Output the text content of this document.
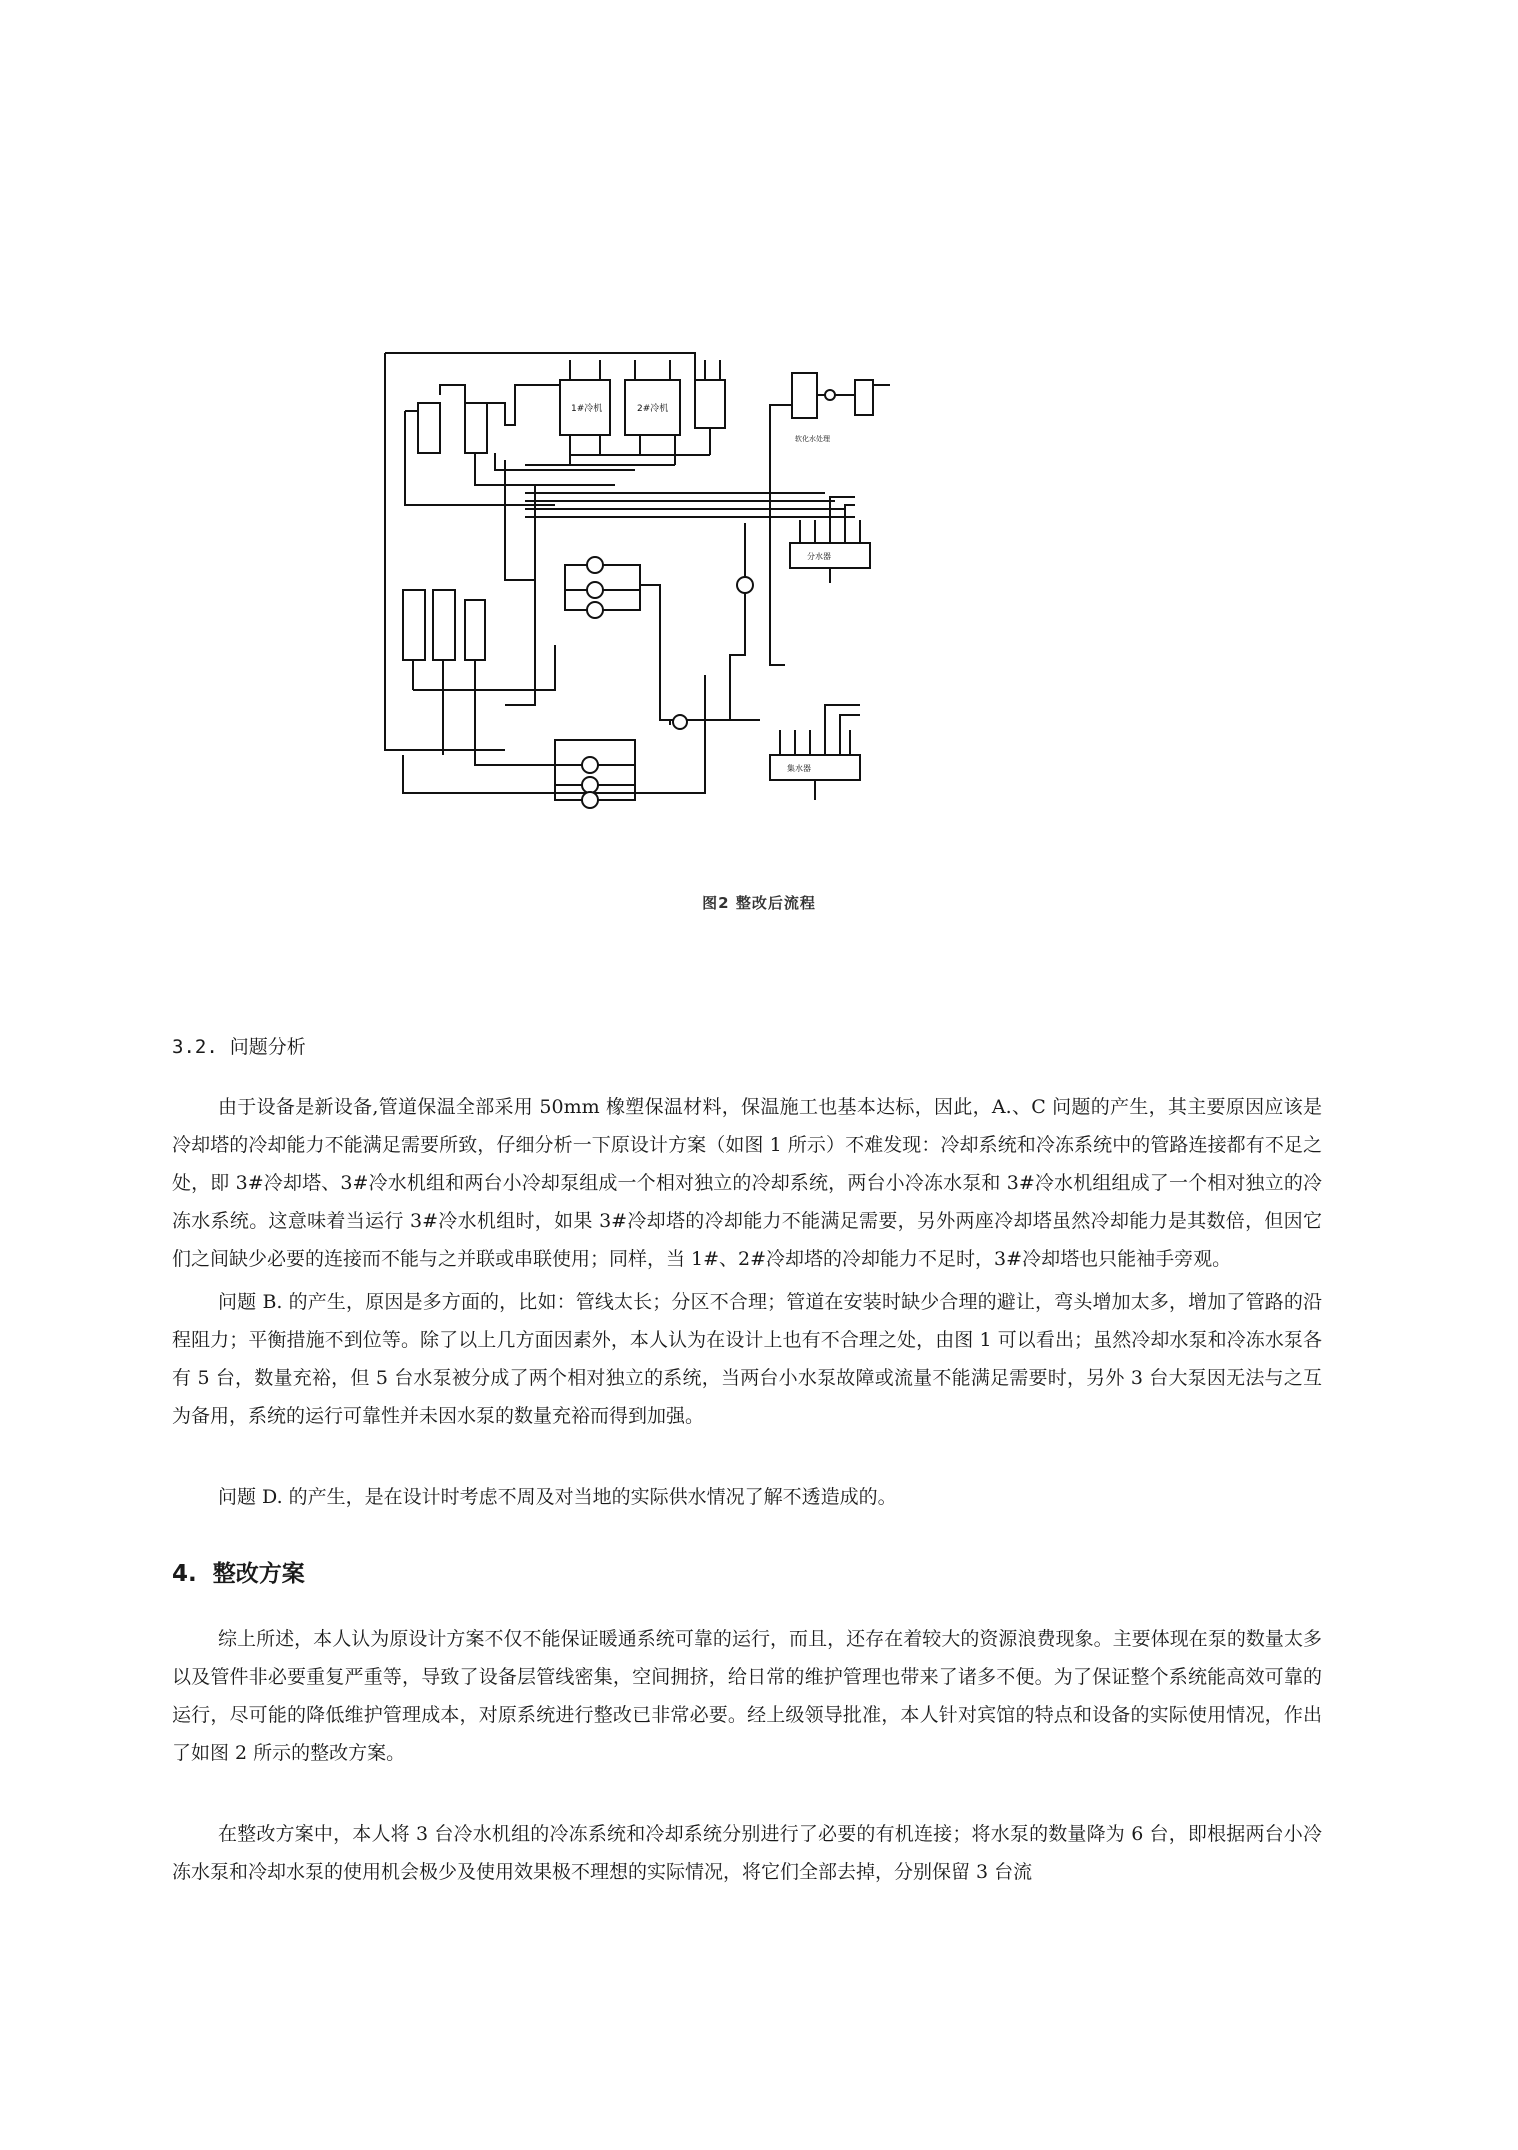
1#冷机	2#冷机
软化水处理
分水器
集水器
图2 整改后流程
3.2. 问题分析

由于设备是新设备,管道保温全部采用 50mm 橡塑保温材料，保温施工也基本达标，因此，A.、C 问题的产生，其主要原因应该是冷却塔的冷却能力不能满足需要所致，仔细分析一下原设计方案（如图 1 所示）不难发现：冷却系统和冷冻系统中的管路连接都有不足之处，即 3#冷却塔、3#冷水机组和两台小冷却泵组成一个相对独立的冷却系统，两台小冷冻水泵和 3#冷水机组组成了一个相对独立的冷冻水系统。这意味着当运行 3#冷水机组时，如果 3#冷却塔的冷却能力不能满足需要，另外两座冷却塔虽然冷却能力是其数倍，但因它们之间缺少必要的连接而不能与之并联或串联使用；同样，当 1#、2#冷却塔的冷却能力不足时，3#冷却塔也只能袖手旁观。

问题 B. 的产生，原因是多方面的，比如：管线太长；分区不合理；管道在安装时缺少合理的避让，弯头增加太多，增加了管路的沿程阻力；平衡措施不到位等。除了以上几方面因素外，本人认为在设计上也有不合理之处，由图 1 可以看出；虽然冷却水泵和冷冻水泵各有 5 台，数量充裕，但 5 台水泵被分成了两个相对独立的系统，当两台小水泵故障或流量不能满足需要时，另外 3 台大泵因无法与之互为备用，系统的运行可靠性并未因水泵的数量充裕而得到加强。

问题 D. 的产生，是在设计时考虑不周及对当地的实际供水情况了解不透造成的。

4. 整改方案

综上所述，本人认为原设计方案不仅不能保证暖通系统可靠的运行，而且，还存在着较大的资源浪费现象。主要体现在泵的数量太多以及管件非必要重复严重等，导致了设备层管线密集，空间拥挤，给日常的维护管理也带来了诸多不便。为了保证整个系统能高效可靠的运行，尽可能的降低维护管理成本，对原系统进行整改已非常必要。经上级领导批准，本人针对宾馆的特点和设备的实际使用情况，作出了如图 2 所示的整改方案。

在整改方案中，本人将 3 台冷水机组的冷冻系统和冷却系统分别进行了必要的有机连接；将水泵的数量降为 6 台，即根据两台小冷冻水泵和冷却水泵的使用机会极少及使用效果极不理想的实际情况，将它们全部去掉，分别保留 3 台流
